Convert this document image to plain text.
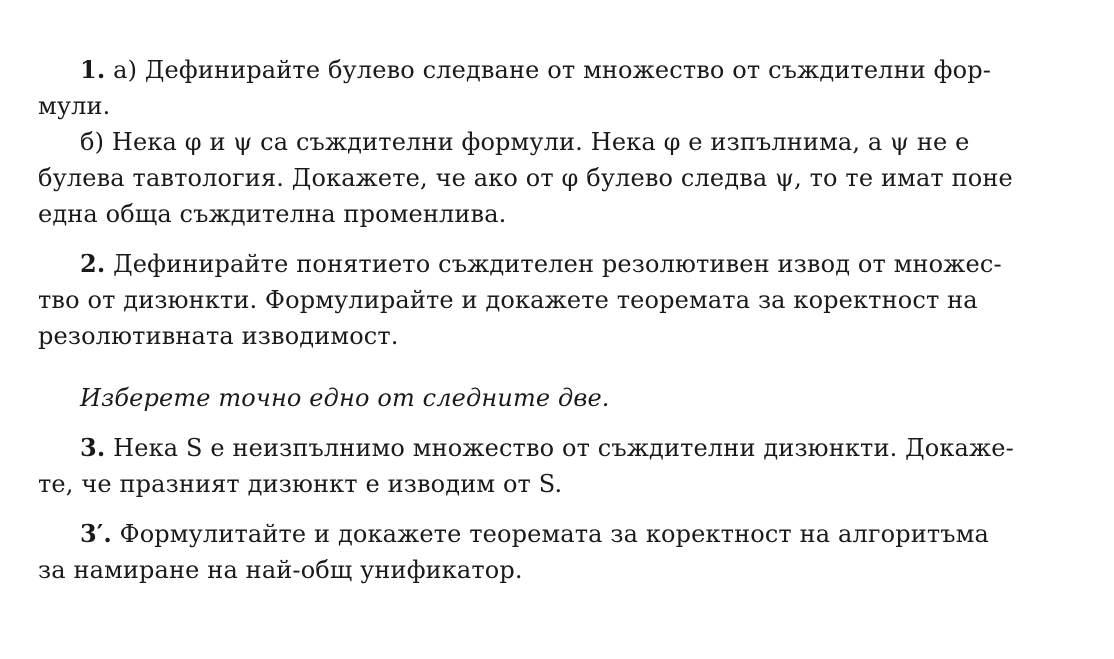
1. а) Дефинирайте булево следване от множество от съждителни фор-
мули.
б) Нека φ и ψ са съждителни формули. Нека φ е изпълнима, а ψ не е
булева тавтология. Докажете, че ако от φ булево следва ψ, то те имат поне
една обща съждителна променлива.
2. Дефинирайте понятието съждителен резолютивен извод от множес-
тво от дизюнкти. Формулирайте и докажете теоремата за коректност на
резолютивната изводимост.
Изберете точно едно от следните две.
3. Нека S е неизпълнимо множество от съждителни дизюнкти. Докаже-
те, че празният дизюнкт е изводим от S.
3′. Формулитайте и докажете теоремата за коректност на алгоритъма
за намиране на най-общ унификатор.
